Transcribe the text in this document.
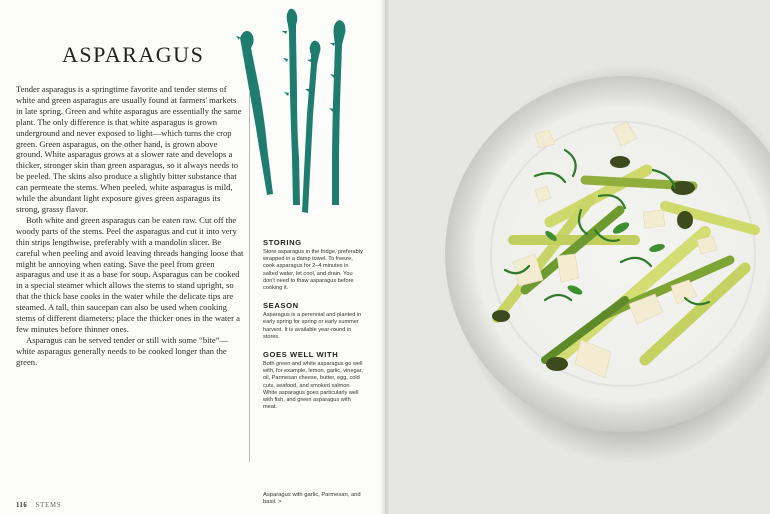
ASPARAGUS

Tender asparagus is a springtime favorite and tender stems of white and green asparagus are usually found at farmers' markets in late spring. Green and white asparagus are essentially the same plant. The only difference is that white asparagus is grown underground and never exposed to light—which turns the crop green. Green asparagus, on the other hand, is grown above ground. White asparagus grows at a slower rate and develops a thicker, stronger skin than green asparagus, so it always needs to be peeled. The skins also produce a slightly bitter substance that can permeate the stems. When peeled, white asparagus is mild, while the abundant light exposure gives green asparagus its strong, grassy flavor.

Both white and green asparagus can be eaten raw. Cut off the woody parts of the stems. Peel the asparagus and cut it into very thin strips lengthwise, preferably with a mandolin slicer. Be careful when peeling and avoid leaving threads hanging loose that might be annoying when eating. Save the peel from green asparagus and use it as a base for soup. Asparagus can be cooked in a special steamer which allows the stems to stand upright, so that the thick base cooks in the water while the delicate tips are steamed. A tall, thin saucepan can also be used when cooking stems of different diameters; place the thicker ones in the water a few minutes before thinner ones.

Asparagus can be served tender or still with some “bite”—white asparagus generally needs to be cooked longer than the green.

STORING

Store asparagus in the fridge, preferably wrapped in a damp towel. To freeze, cook asparagus for 2–4 minutes in salted water, let cool, and drain. You don't need to thaw asparagus before cooking it.

SEASON

Asparagus is a perennial and planted in early spring for spring or early summer harvest. It is available year-round in stores.

GOES WELL WITH

Both green and white asparagus go well with, for example, lemon, garlic, vinegar, oil, Parmesan cheese, butter, egg, cold cuts, seafood, and smoked salmon. White asparagus goes particularly well with fish, and green asparagus with meat.

Asparagus with garlic, Parmesan, and basil. >
116 STEMS
